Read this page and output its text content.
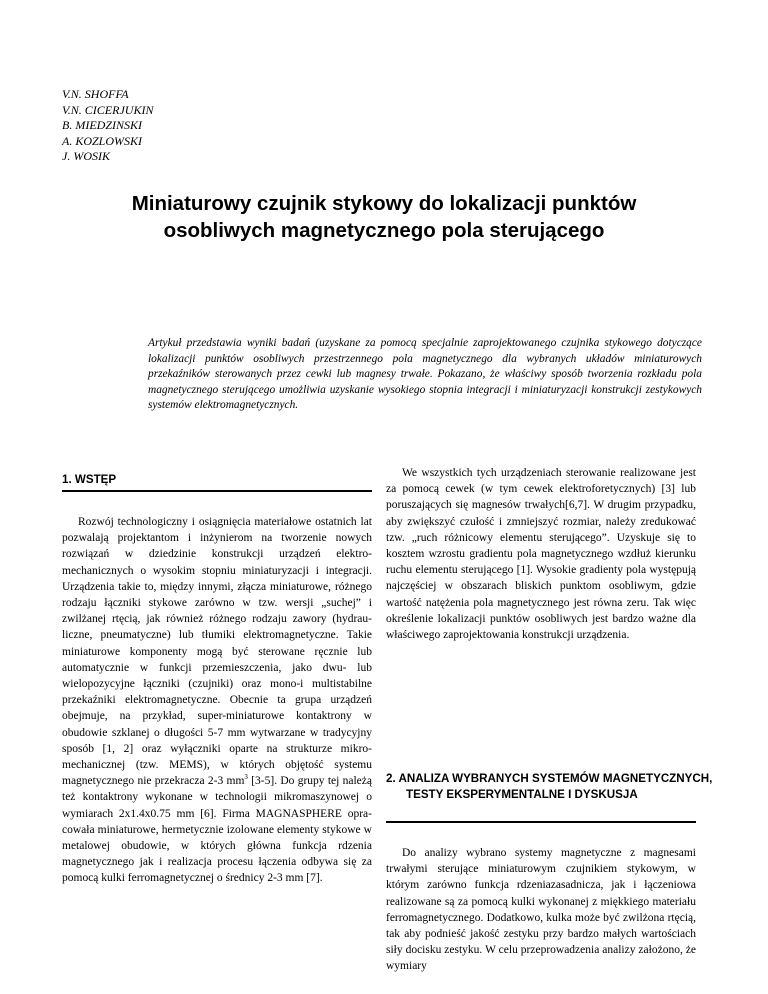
V.N. SHOFFA
V.N. CICERJUKIN
B. MIEDZINSKI
A. KOZLOWSKI
J. WOSIK
Miniaturowy czujnik stykowy do lokalizacji punktów
osobliwych magnetycznego pola sterującego
Artykuł przedstawia wyniki badań (uzyskane za pomocą specjalnie zaprojektowanego czujnika stykowego dotyczące lokalizacji punktów osobliwych przestrzennego pola magnetycznego dla wybranych układów miniaturowych przekaźników sterowanych przez cewki lub magnesy trwałe. Pokazano, że właściwy sposób tworzenia rozkładu pola magnetycznego sterującego umożliwia uzyskanie wysokiego stopnia integracji i miniaturyzacji konstrukcji zestykowych systemów elektromagnetycznych.
1. WSTĘP
Rozwój technologiczny i osiągnięcia materiałowe ostatnich lat pozwalają projektantom i inżynierom na tworzenie nowych rozwiązań w dziedzinie konstrukcji urządzeń elektro-mechanicznych o wysokim stopniu miniaturyzacji i integracji. Urządzenia takie to, między innymi, złącza miniaturowe, różnego rodzaju łączniki stykowe zarówno w tzw. wersji „suchej” i zwilżanej rtęcią, jak również różnego rodzaju zawory (hydrauliczne, pneumatyczne) lub tłumiki elektromagnetyczne. Takie miniaturowe komponenty mogą być sterowane ręcznie lub automatycznie w funkcji przemieszczenia, jako dwu- lub wielopozycyjne łączniki (czujniki) oraz mono-i multistabilne przekaźniki elektromagnetyczne. Obecnie ta grupa urządzeń obejmuje, na przykład, super-miniaturowe kontaktrony w obudowie szklanej o długości 5-7 mm wytwarzane w tradycyjny sposób [1, 2] oraz wyłączniki oparte na strukturze mikro- mechanicznej (tzw. MEMS), w których objętość systemu magnetycznego nie przekracza 2-3 $mm^3$ [3-5]. Do grupy tej należą też kontaktrony wykonane w technologii mikromaszynowej o wymiarach 2x1.4x0.75 mm [6]. Firma MAGNASPHERE opracowała miniaturowe, hermetycznie izolowane elementy stykowe w metalowej obudowie, w których główna funkcja rdzenia magnetycznego jak i realizacja procesu łączenia odbywa się za pomocą kulki ferromagnetycznej o średnicy 2-3 mm [7].
We wszystkich tych urządzeniach sterowanie realizowane jest za pomocą cewek (w tym cewek elektroforetycznych) [3] lub poruszających się magnesów trwałych[6,7]. W drugim przypadku, aby zwiększyć czułość i zmniejszyć rozmiar, należy zredukować tzw. „ruch różnicowy elementu sterującego”. Uzyskuje się to kosztem wzrostu gradientu pola magnetycznego wzdłuż kierunku ruchu elementu sterującego [1]. Wysokie gradienty pola występują najczęściej w obszarach bliskich punktom osobliwym, gdzie wartość natężenia pola magnetycznego jest równa zeru. Tak więc określenie lokalizacji punktów osobliwych jest bardzo ważne dla właściwego zaprojektowania konstrukcji urządzenia.
2. ANALIZA WYBRANYCH SYSTEMÓW MAGNETYCZNYCH, TESTY EKSPERYMENTALNE I DYSKUSJA
Do analizy wybrano systemy magnetyczne z magnesami trwałymi sterujące miniaturowym czujnikiem stykowym, w którym zarówno funkcja rdzeniazasadnicza, jak i łączeniowa realizowane są za pomocą kulki wykonanej z miękkiego materiału ferromagnetycznego. Dodatkowo, kulka może być zwilżona rtęcią, tak aby podnieść jakość zestyku przy bardzo małych wartościach siły docisku zestyku. W celu przeprowadzenia analizy założono, że wymiary
